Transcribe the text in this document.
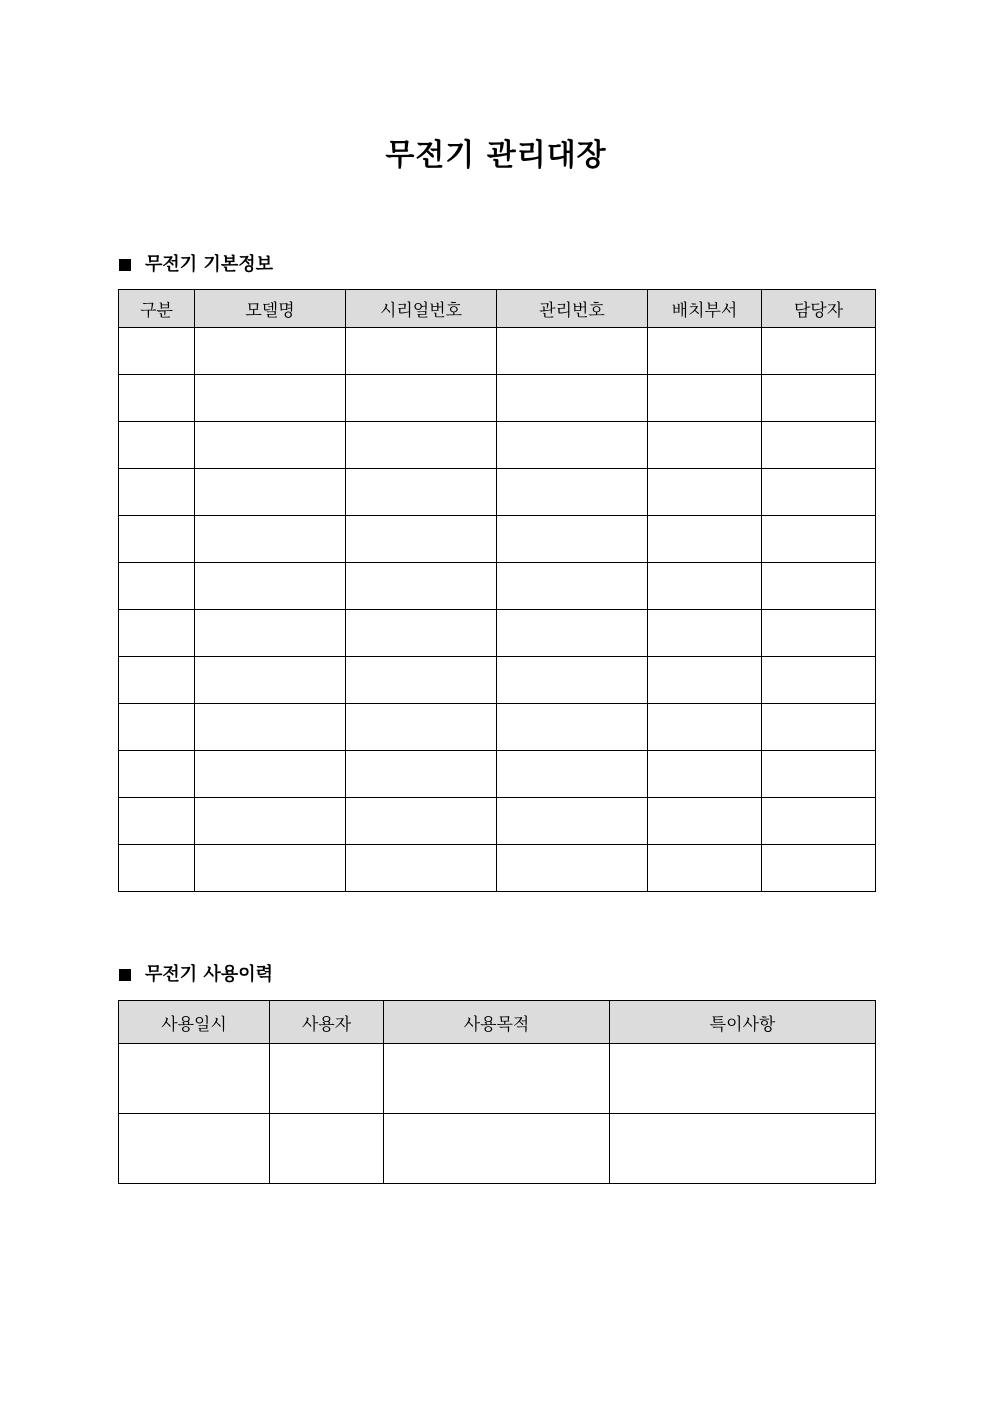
무전기 관리대장
무전기 기본정보
구분	모델명	시리얼번호	관리번호	배치부서	담당자

무전기 사용이력
사용일시	사용자	사용목적	특이사항
